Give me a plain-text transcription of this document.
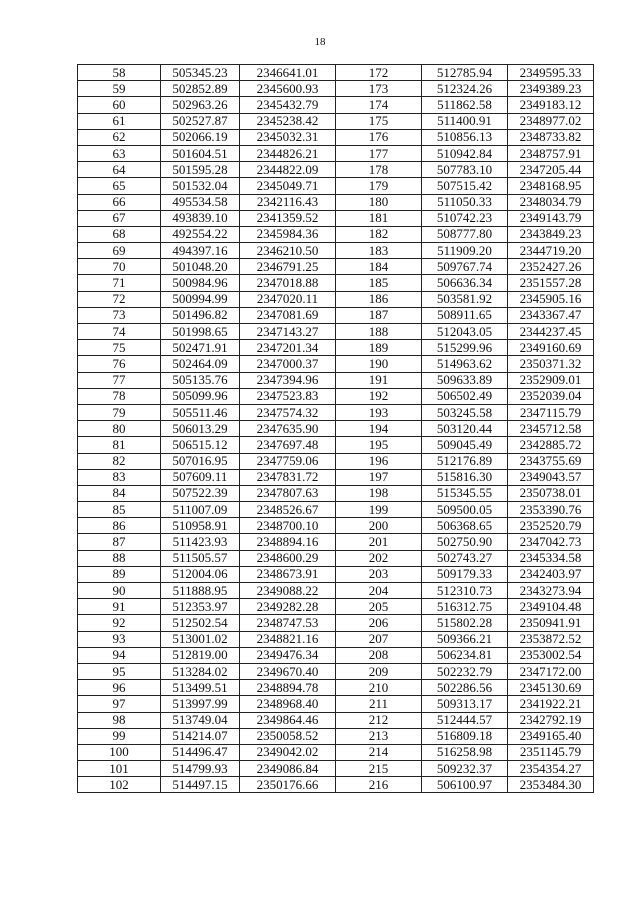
18
58	505345.23	2346641.01	172	512785.94	2349595.33
59	502852.89	2345600.93	173	512324.26	2349389.23
60	502963.26	2345432.79	174	511862.58	2349183.12
61	502527.87	2345238.42	175	511400.91	2348977.02
62	502066.19	2345032.31	176	510856.13	2348733.82
63	501604.51	2344826.21	177	510942.84	2348757.91
64	501595.28	2344822.09	178	507783.10	2347205.44
65	501532.04	2345049.71	179	507515.42	2348168.95
66	495534.58	2342116.43	180	511050.33	2348034.79
67	493839.10	2341359.52	181	510742.23	2349143.79
68	492554.22	2345984.36	182	508777.80	2343849.23
69	494397.16	2346210.50	183	511909.20	2344719.20
70	501048.20	2346791.25	184	509767.74	2352427.26
71	500984.96	2347018.88	185	506636.34	2351557.28
72	500994.99	2347020.11	186	503581.92	2345905.16
73	501496.82	2347081.69	187	508911.65	2343367.47
74	501998.65	2347143.27	188	512043.05	2344237.45
75	502471.91	2347201.34	189	515299.96	2349160.69
76	502464.09	2347000.37	190	514963.62	2350371.32
77	505135.76	2347394.96	191	509633.89	2352909.01
78	505099.96	2347523.83	192	506502.49	2352039.04
79	505511.46	2347574.32	193	503245.58	2347115.79
80	506013.29	2347635.90	194	503120.44	2345712.58
81	506515.12	2347697.48	195	509045.49	2342885.72
82	507016.95	2347759.06	196	512176.89	2343755.69
83	507609.11	2347831.72	197	515816.30	2349043.57
84	507522.39	2347807.63	198	515345.55	2350738.01
85	511007.09	2348526.67	199	509500.05	2353390.76
86	510958.91	2348700.10	200	506368.65	2352520.79
87	511423.93	2348894.16	201	502750.90	2347042.73
88	511505.57	2348600.29	202	502743.27	2345334.58
89	512004.06	2348673.91	203	509179.33	2342403.97
90	511888.95	2349088.22	204	512310.73	2343273.94
91	512353.97	2349282.28	205	516312.75	2349104.48
92	512502.54	2348747.53	206	515802.28	2350941.91
93	513001.02	2348821.16	207	509366.21	2353872.52
94	512819.00	2349476.34	208	506234.81	2353002.54
95	513284.02	2349670.40	209	502232.79	2347172.00
96	513499.51	2348894.78	210	502286.56	2345130.69
97	513997.99	2348968.40	211	509313.17	2341922.21
98	513749.04	2349864.46	212	512444.57	2342792.19
99	514214.07	2350058.52	213	516809.18	2349165.40
100	514496.47	2349042.02	214	516258.98	2351145.79
101	514799.93	2349086.84	215	509232.37	2354354.27
102	514497.15	2350176.66	216	506100.97	2353484.30
